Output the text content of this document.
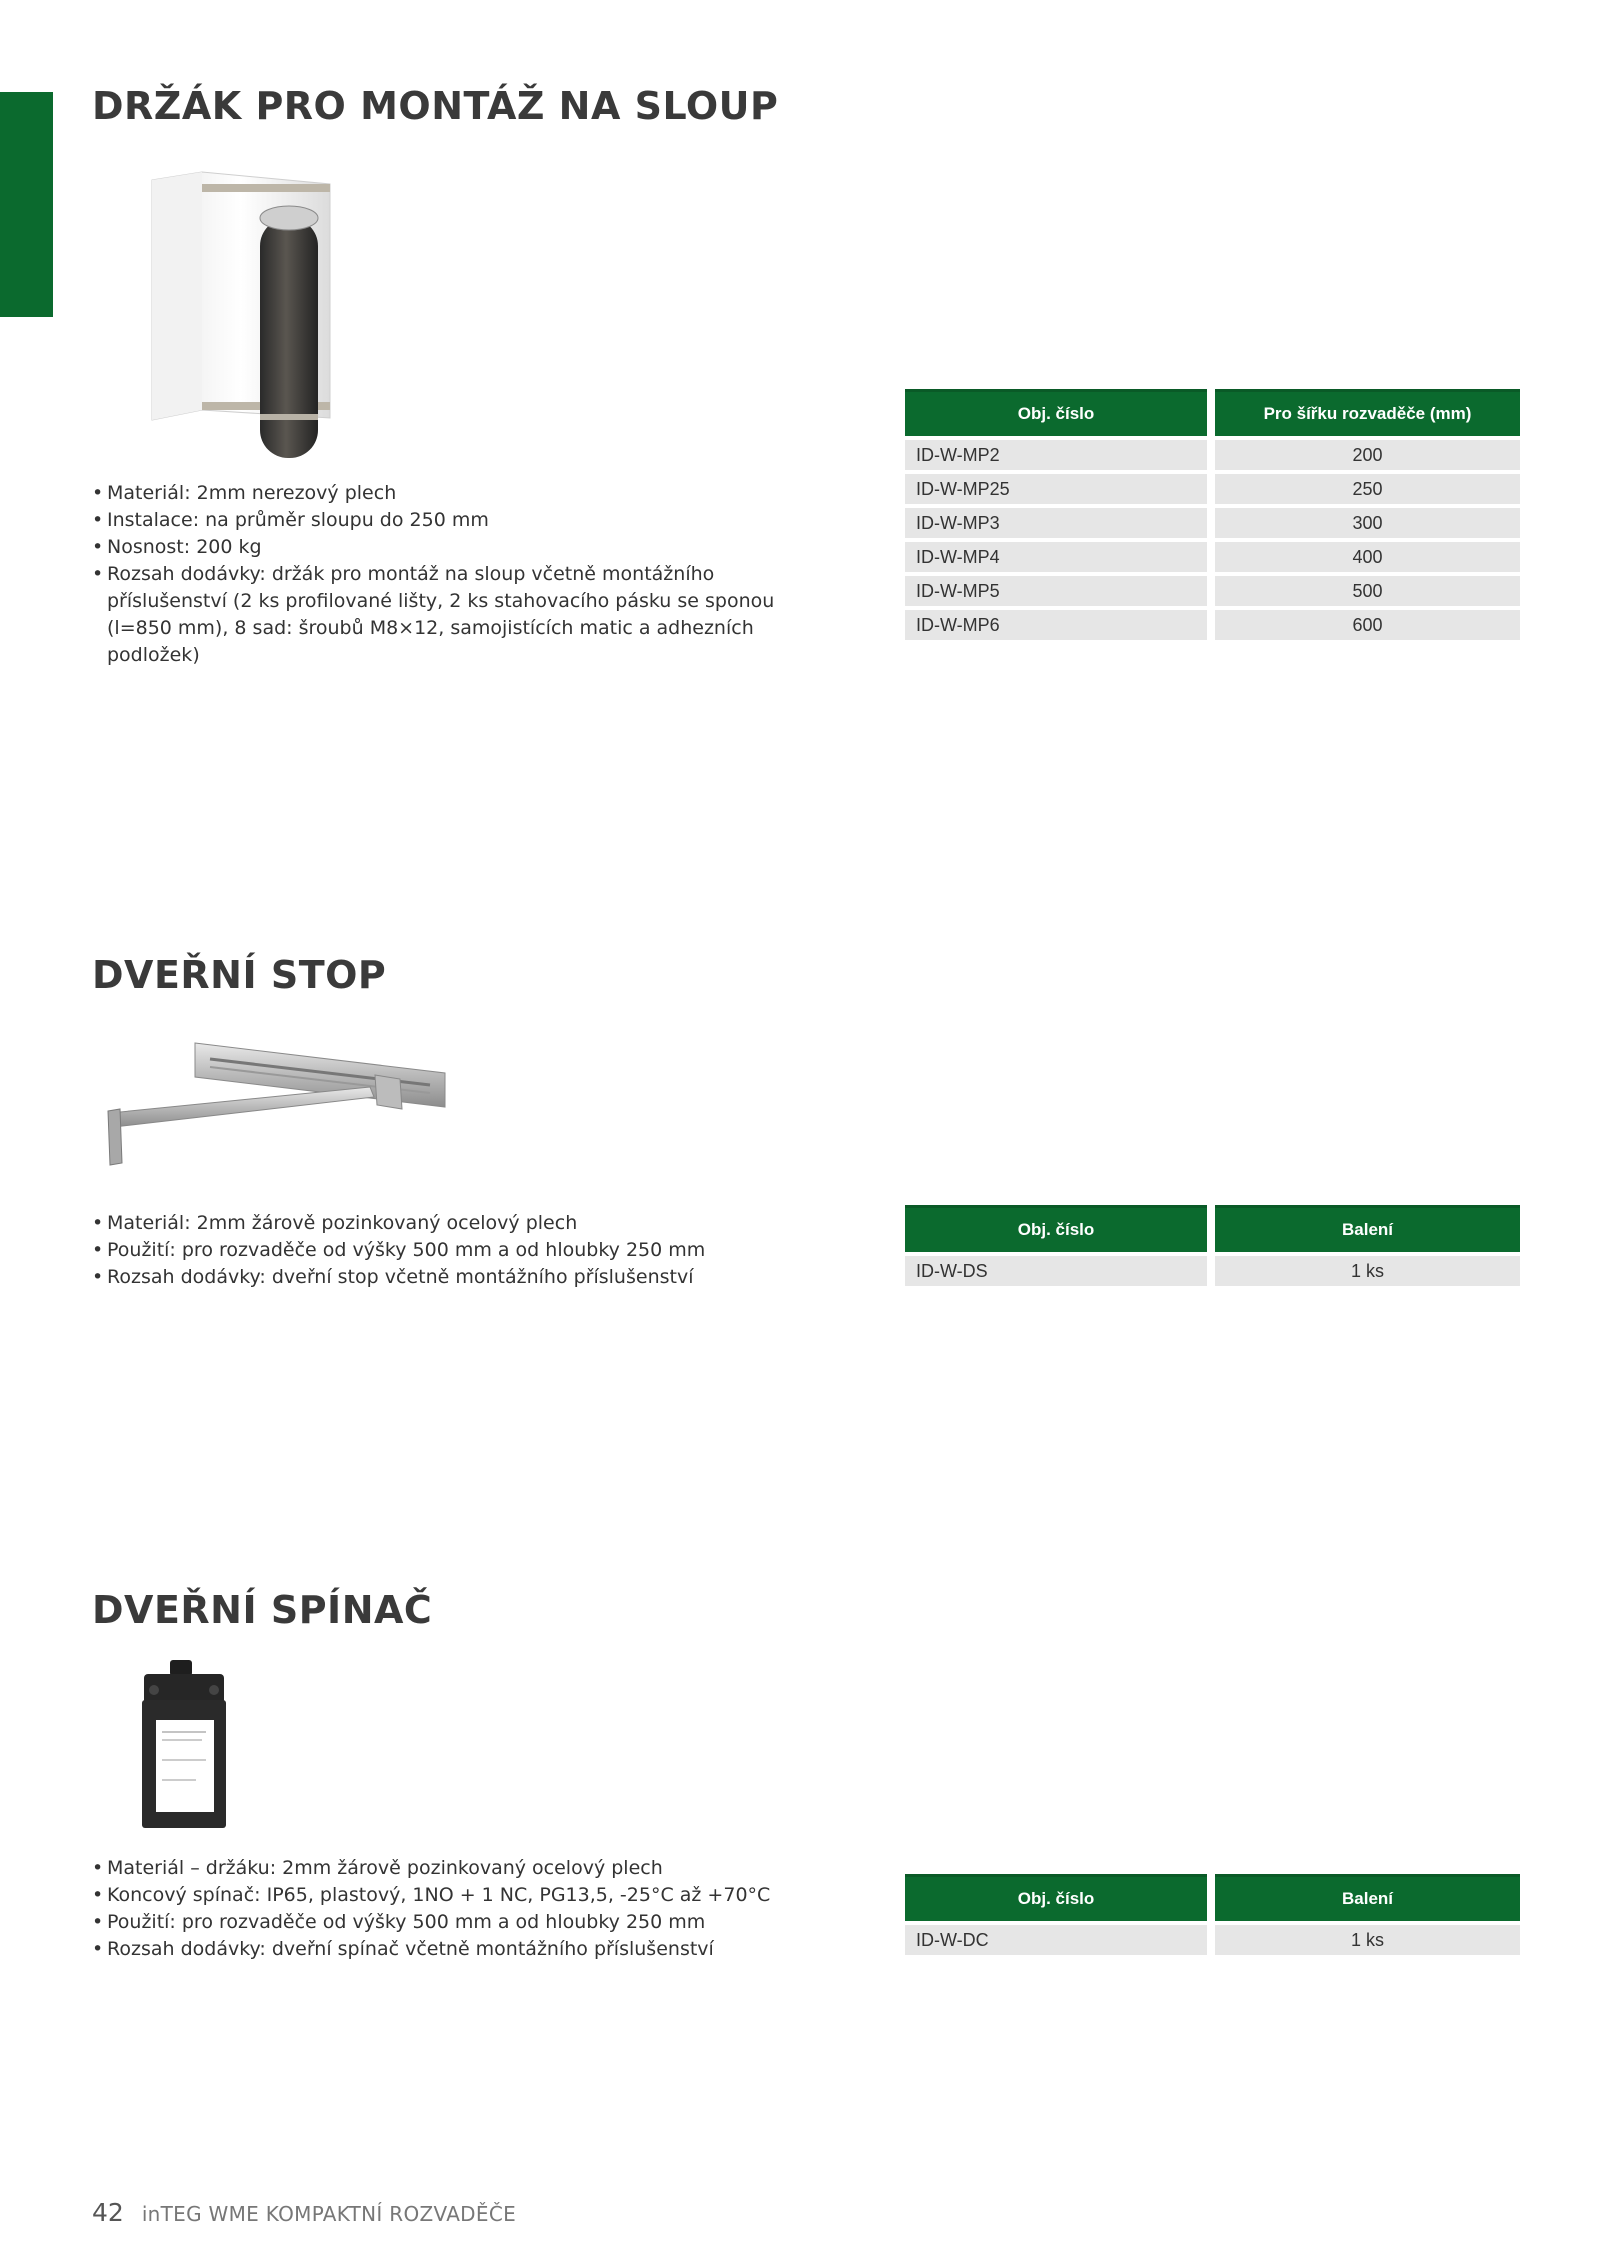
DRŽÁK PRO MONTÁŽ NA SLOUP
• Materiál: 2mm nerezový plech
• Instalace: na průměr sloupu do 250 mm
• Nosnost: 200 kg
• Rozsah dodávky: držák pro montáž na sloup včetně montážního příslušenství (2 ks profilované lišty, 2 ks stahovacího pásku se sponou (l=850 mm), 8 sad: šroubů M8×12, samojistících matic a adhezních podložek)
Obj. číslo	Pro šířku rozvaděče (mm)
ID-W-MP2	200
ID-W-MP25	250
ID-W-MP3	300
ID-W-MP4	400
ID-W-MP5	500
ID-W-MP6	600
DVEŘNÍ STOP
• Materiál: 2mm žárově pozinkovaný ocelový plech
• Použití: pro rozvaděče od výšky 500 mm a od hloubky 250 mm
• Rozsah dodávky: dveřní stop včetně montážního příslušenství
Obj. číslo	Balení
ID-W-DS	1 ks
DVEŘNÍ SPÍNAČ
• Materiál – držáku: 2mm žárově pozinkovaný ocelový plech
• Koncový spínač: IP65, plastový, 1NO + 1 NC, PG13,5, -25°C až +70°C
• Použití: pro rozvaděče od výšky 500 mm a od hloubky 250 mm
• Rozsah dodávky: dveřní spínač včetně montážního příslušenství
Obj. číslo	Balení
ID-W-DC	1 ks
42 inTEG WME KOMPAKTNÍ ROZVADĚČE
